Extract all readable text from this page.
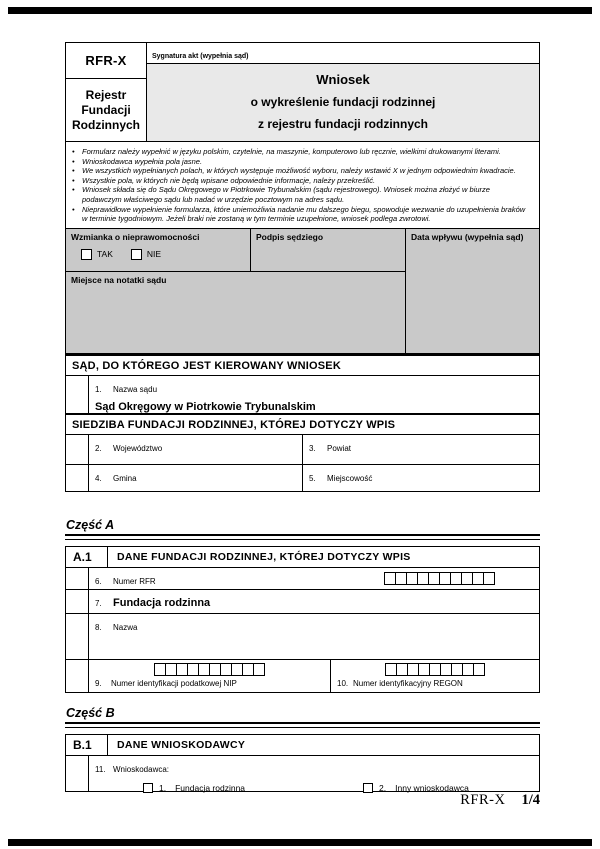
RFR-X
Rejestr Fundacji Rodzinnych
Sygnatura akt (wypełnia sąd)
Wniosek
o wykreślenie fundacji rodzinnej
z rejestru fundacji rodzinnych
•
Formularz należy wypełnić w języku polskim, czytelnie, na maszynie, komputerowo lub ręcznie, wielkimi drukowanymi literami.
•
Wnioskodawca wypełnia pola jasne.
•
We wszystkich wypełnianych polach, w których występuje możliwość wyboru, należy wstawić X w jednym odpowiednim kwadracie.
•
Wszystkie pola, w których nie będą wpisane odpowiednie informacje, należy przekreślić.
•
Wniosek składa się do Sądu Okręgowego w Piotrkowie Trybunalskim (sądu rejestrowego). Wniosek można złożyć w biurze podawczym właściwego sądu lub nadać w urzędzie pocztowym na adres sądu.
•
Nieprawidłowe wypełnienie formularza, które uniemożliwia nadanie mu dalszego biegu, spowoduje wezwanie do uzupełnienia braków w terminie tygodniowym. Jeżeli braki nie zostaną w tym terminie uzupełnione, wniosek podlega zwrotowi.
Wzmianka o nieprawomocności
TAK	NIE
Podpis sędziego	Data wpływu (wypełnia sąd)
Miejsce na notatki sądu
SĄD, DO KTÓREGO JEST KIEROWANY WNIOSEK
1. Nazwa sądu
Sąd Okręgowy w Piotrkowie Trybunalskim
SIEDZIBA FUNDACJI RODZINNEJ, KTÓREJ DOTYCZY WPIS
2. Województwo	3. Powiat
4. Gmina	5. Miejscowość
Część A
A.1	DANE FUNDACJI RODZINNEJ, KTÓREJ DOTYCZY WPIS
6. Numer RFR
7. Fundacja rodzinna
8. Nazwa
9. Numer identyfikacji podatkowej NIP	10. Numer identyfikacyjny REGON
Część B
B.1	DANE WNIOSKODAWCY
11. Wnioskodawca:
1. Fundacja rodzinna	2. Inny wnioskodawca
RFR-X 1/4
